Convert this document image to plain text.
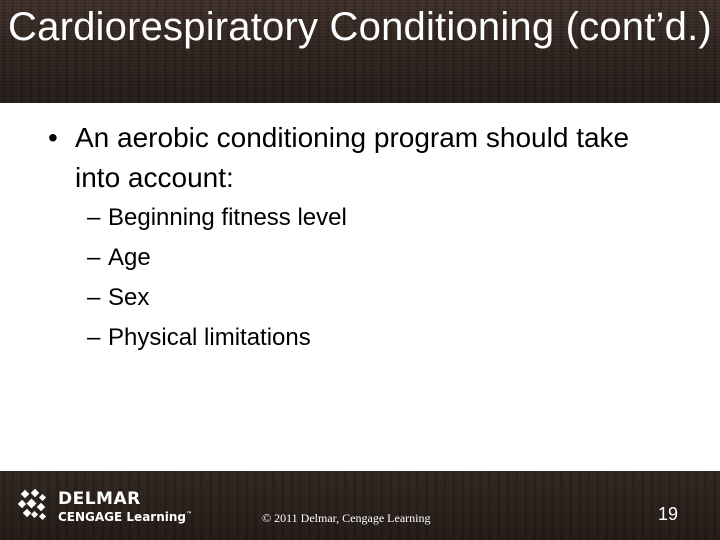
Cardiorespiratory Conditioning (cont’d.)
• An aerobic conditioning program should take into account:
– Beginning fitness level
– Age
– Sex
– Physical limitations
DELMAR
CENGAGE Learning™	© 2011 Delmar, Cengage Learning	19
